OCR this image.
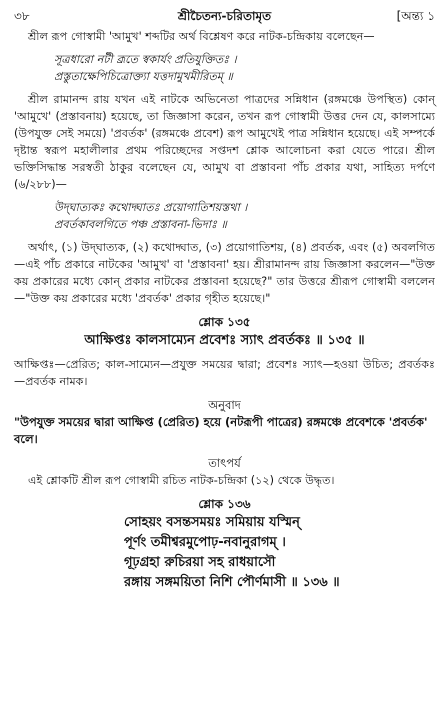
৩৮	শ্রীচৈতন্য-চরিতামৃত	[অন্ত্য ১

শ্রীল রূপ গোস্বামী 'আমুখ' শব্দটির অর্থ বিশ্লেষণ করে নাটক-চন্দ্রিকায় বলেছেন—

সূত্রধারো নটী ব্রূতে স্বকার্যং প্রতিযুক্তিতঃ ।

প্রস্তুতাক্ষেপিচিত্রোক্ত্যা যত্তদামুখমীরিতম্ ॥

শ্রীল রামানন্দ রায় যখন এই নাটকে অভিনেতা পাত্রদের সন্নিধান (রঙ্গমঞ্চে উপস্থিত) কোন্ 'আমুখে' (প্রস্তাবনায়) হয়েছে, তা জিজ্ঞাসা করেন, তখন রূপ গোস্বামী উত্তর দেন যে, কালসাম্যে (উপযুক্ত সেই সময়ে) 'প্রবর্তক' (রঙ্গমঞ্চে প্রবেশ) রূপ আমুখেই পাত্র সন্নিধান হয়েছে। এই সম্পর্কে দৃষ্টান্ত স্বরূপ মহালীলার প্রথম পরিচ্ছেদের সপ্তদশ শ্লোক আলোচনা করা যেতে পারে। শ্রীল ভক্তিসিদ্ধান্ত সরস্বতী ঠাকুর বলেছেন যে, আমুখ বা প্রস্তাবনা পাঁচ প্রকার যথা, সাহিত্য দর্পণে (৬/২৮৮)—

উদ্‌ঘাত্যকঃ কথোদ্ঘাতঃ প্রয়োগাতিশয়স্তথা ।

প্রবর্তকাবলগিতে পঞ্চ প্রস্তাবনা-ভিদাঃ ॥

অর্থাৎ, (১) উদ্‌ঘাত্যক, (২) কথোদ্ঘাত, (৩) প্রয়োগাতিশয়, (৪) প্রবর্তক, এবং (৫) অবলগিত—এই পাঁচ প্রকারে নাটকের 'আমুখ' বা 'প্রস্তাবনা' হয়। শ্রীরামানন্দ রায় জিজ্ঞাসা করলেন—"উক্ত কয় প্রকারের মধ্যে কোন্ প্রকার নাটকের প্রস্তাবনা হয়েছে?" তার উত্তরে শ্রীরূপ গোস্বামী বললেন—"উক্ত কয় প্রকারের মধ্যে 'প্রবর্তক' প্রকার গৃহীত হয়েছে।"

শ্লোক ১৩৫

আক্ষিপ্তঃ কালসাম্যেন প্রবেশঃ স্যাৎ প্রবর্তকঃ ॥ ১৩৫ ॥

আক্ষিপ্তঃ—প্রেরিত; কাল-সাম্যেন—প্রযুক্ত সময়ের দ্বারা; প্রবেশঃ স্যাৎ—হওয়া উচিত; প্রবর্তকঃ—প্রবর্তক নামক।

অনুবাদ

"উপযুক্ত সময়ের দ্বারা আক্ষিপ্ত (প্রেরিত) হয়ে (নটরূপী পাত্রের) রঙ্গমঞ্চে প্রবেশকে 'প্রবর্তক' বলে।

তাৎপর্য

এই শ্লোকটি শ্রীল রূপ গোস্বামী রচিত নাটক-চন্দ্রিকা (১২) থেকে উদ্ধৃত।

শ্লোক ১৩৬

সোহয়ং বসন্তসময়ঃ সমিয়ায় যস্মিন্

পূর্ণং তমীশ্বরমুপোঢ়-নবানুরাগম্ ।

গূঢ়গ্রহা রুচিরয়া সহ রাধয়াসৌ

রঙ্গায় সঙ্গময়িতা নিশি পৌর্ণমাসী ॥ ১৩৬ ॥
